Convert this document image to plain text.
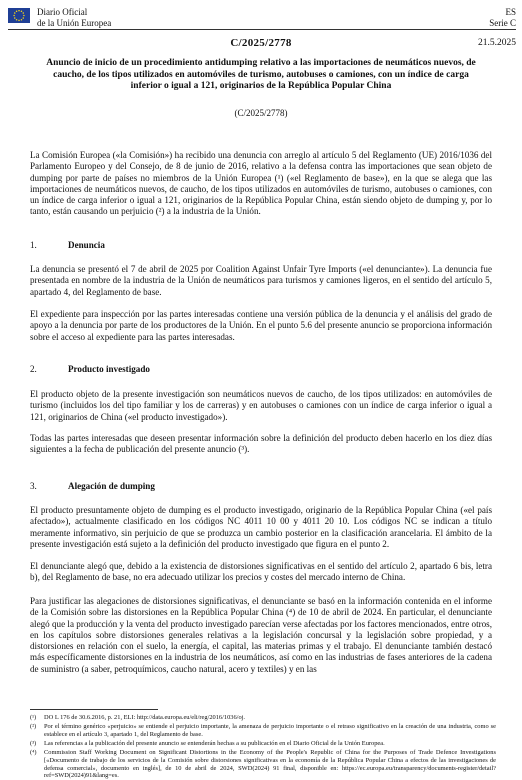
Diario Oficial
de la Unión Europea
ES
Serie C
C/2025/2778	21.5.2025
Anuncio de inicio de un procedimiento antidumping relativo a las importaciones de neumáticos nuevos, de caucho, de los tipos utilizados en automóviles de turismo, autobuses o camiones, con un índice de carga inferior o igual a 121, originarios de la República Popular China
(C/2025/2778)

La Comisión Europea («la Comisión») ha recibido una denuncia con arreglo al artículo 5 del Reglamento (UE) 2016/1036 del Parlamento Europeo y del Consejo, de 8 de junio de 2016, relativo a la defensa contra las importaciones que sean objeto de dumping por parte de países no miembros de la Unión Europea (¹) («el Reglamento de base»), en la que se alega que las importaciones de neumáticos nuevos, de caucho, de los tipos utilizados en automóviles de turismo, autobuses o camiones, con un índice de carga inferior o igual a 121, originarios de la República Popular China, están siendo objeto de dumping y, por lo tanto, están causando un perjuicio (²) a la industria de la Unión.

1.	Denuncia

La denuncia se presentó el 7 de abril de 2025 por Coalition Against Unfair Tyre Imports («el denunciante»). La denuncia fue presentada en nombre de la industria de la Unión de neumáticos para turismos y camiones ligeros, en el sentido del artículo 5, apartado 4, del Reglamento de base.

El expediente para inspección por las partes interesadas contiene una versión pública de la denuncia y el análisis del grado de apoyo a la denuncia por parte de los productores de la Unión. En el punto 5.6 del presente anuncio se proporciona información sobre el acceso al expediente para las partes interesadas.

2.	Producto investigado

El producto objeto de la presente investigación son neumáticos nuevos de caucho, de los tipos utilizados: en automóviles de turismo (incluidos los del tipo familiar y los de carreras) y en autobuses o camiones con un índice de carga inferior o igual a 121, originarios de China («el producto investigado»).

Todas las partes interesadas que deseen presentar información sobre la definición del producto deben hacerlo en los diez días siguientes a la fecha de publicación del presente anuncio (³).

3.	Alegación de dumping

El producto presuntamente objeto de dumping es el producto investigado, originario de la República Popular China («el país afectado»), actualmente clasificado en los códigos NC 4011 10 00 y 4011 20 10. Los códigos NC se indican a título meramente informativo, sin perjuicio de que se produzca un cambio posterior en la clasificación arancelaria. El ámbito de la presente investigación está sujeto a la definición del producto investigado que figura en el punto 2.

El denunciante alegó que, debido a la existencia de distorsiones significativas en el sentido del artículo 2, apartado 6 bis, letra b), del Reglamento de base, no era adecuado utilizar los precios y costes del mercado interno de China.

Para justificar las alegaciones de distorsiones significativas, el denunciante se basó en la información contenida en el informe de la Comisión sobre las distorsiones en la República Popular China (⁴) de 10 de abril de 2024. En particular, el denunciante alegó que la producción y la venta del producto investigado parecían verse afectadas por los factores mencionados, entre otros, en los capítulos sobre distorsiones generales relativas a la legislación concursal y la legislación sobre propiedad, y a distorsiones en relación con el suelo, la energía, el capital, las materias primas y el trabajo. El denunciante también destacó más específicamente distorsiones en la industria de los neumáticos, así como en las industrias de fases anteriores de la cadena de suministro (a saber, petroquímicos, caucho natural, acero y textiles) y en las

(¹) DO L 176 de 30.6.2016, p. 21, ELI: http://data.europa.eu/eli/reg/2016/1036/oj.
(²) Por el término genérico «perjuicio» se entiende el perjuicio importante, la amenaza de perjuicio importante o el retraso significativo en la creación de una industria, como se establece en el artículo 3, apartado 1, del Reglamento de base.
(³) Las referencias a la publicación del presente anuncio se entenderán hechas a su publicación en el Diario Oficial de la Unión Europea.
(⁴) Commission Staff Working Document on Significant Distortions in the Economy of the People's Republic of China for the Purposes of Trade Defence Investigations [«Documento de trabajo de los servicios de la Comisión sobre distorsiones significativas en la economía de la República Popular China a efectos de las investigaciones de defensa comercial», documento en inglés], de 10 de abril de 2024, SWD(2024) 91 final, disponible en: https://ec.europa.eu/transparency/documents-register/detail?ref=SWD(2024)91&lang=es.
